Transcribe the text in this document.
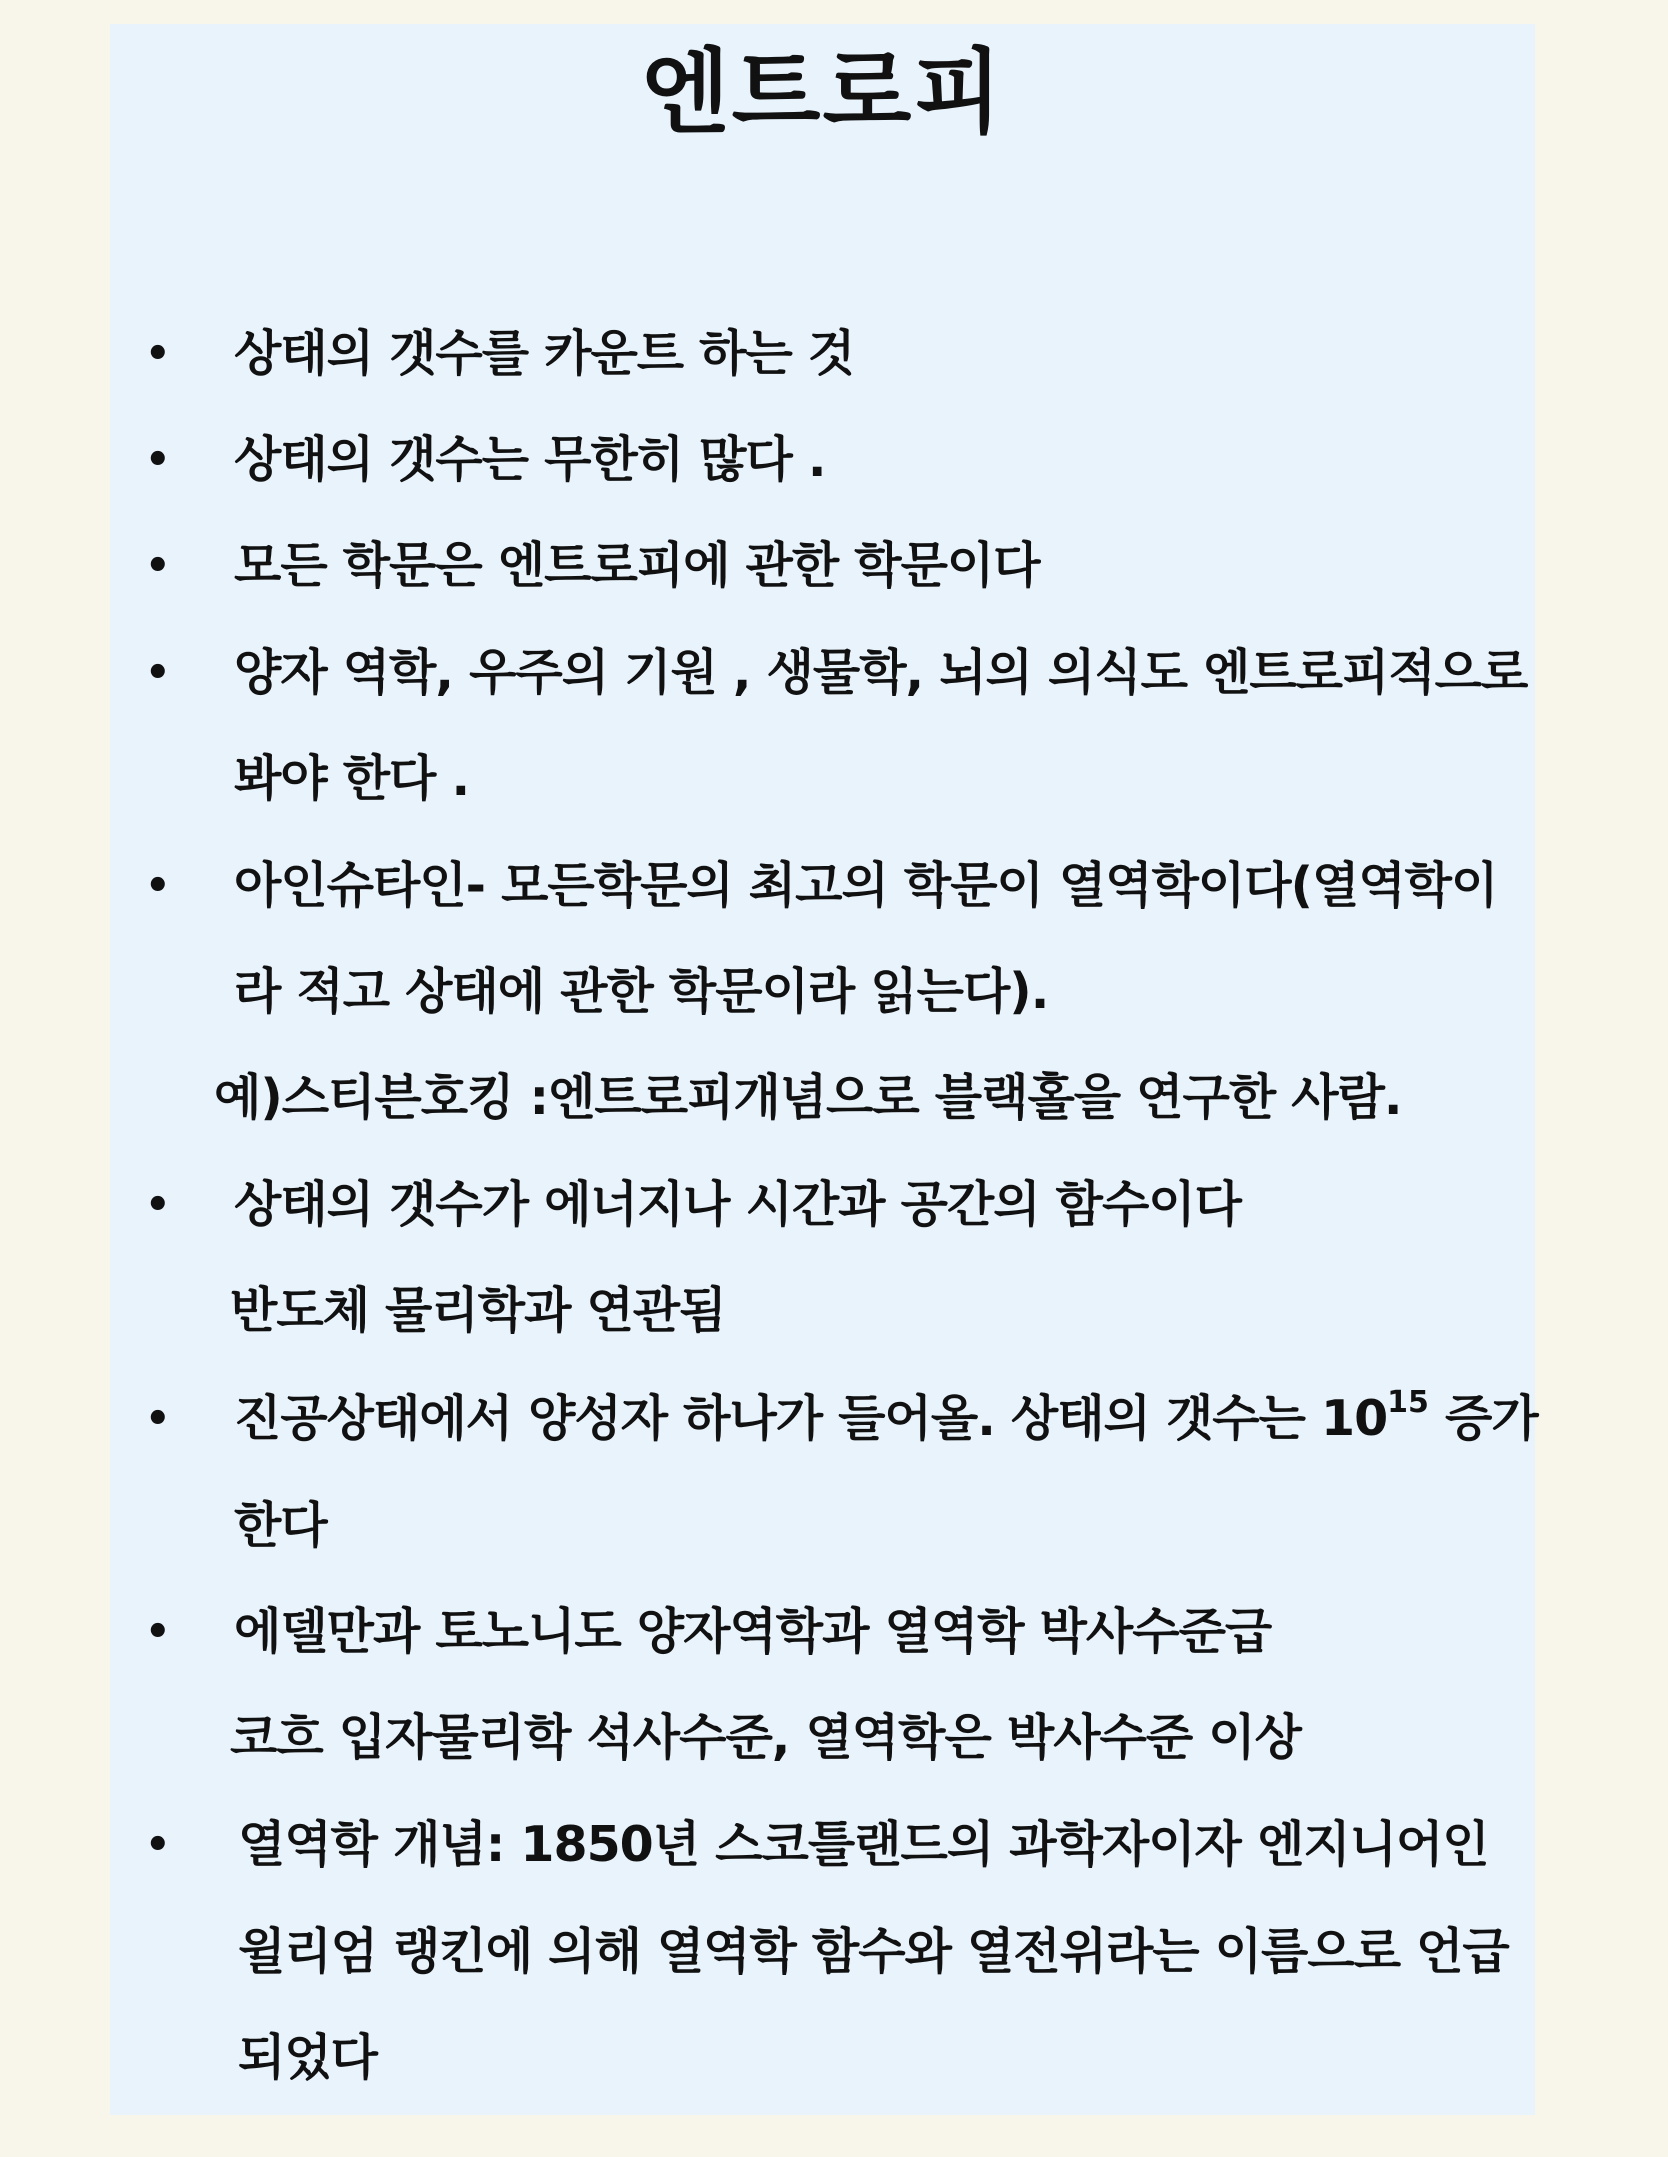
엔트로피
• 상태의 갯수를 카운트 하는 것
• 상태의 갯수는 무한히 많다 .
• 모든 학문은 엔트로피에 관한 학문이다
• 양자 역학, 우주의 기원 , 생물학, 뇌의 의식도 엔트로피적으로
봐야 한다 .
• 아인슈타인- 모든학문의 최고의 학문이 열역학이다(열역학이
라 적고 상태에 관한 학문이라 읽는다).
예)스티븐호킹 :엔트로피개념으로 블랙홀을 연구한 사람.
• 상태의 갯수가 에너지나 시간과 공간의 함수이다
반도체 물리학과 연관됨
• 진공상태에서 양성자 하나가 들어올. 상태의 갯수는 $10^{15}$ 증가
한다
• 에델만과 토노니도 양자역학과 열역학 박사수준급
코흐 입자물리학 석사수준, 열역학은 박사수준 이상
• 열역학 개념: 1850년 스코틀랜드의 과학자이자 엔지니어인
윌리엄 랭킨에 의해 열역학 함수와 열전위라는 이름으로 언급
되었다
